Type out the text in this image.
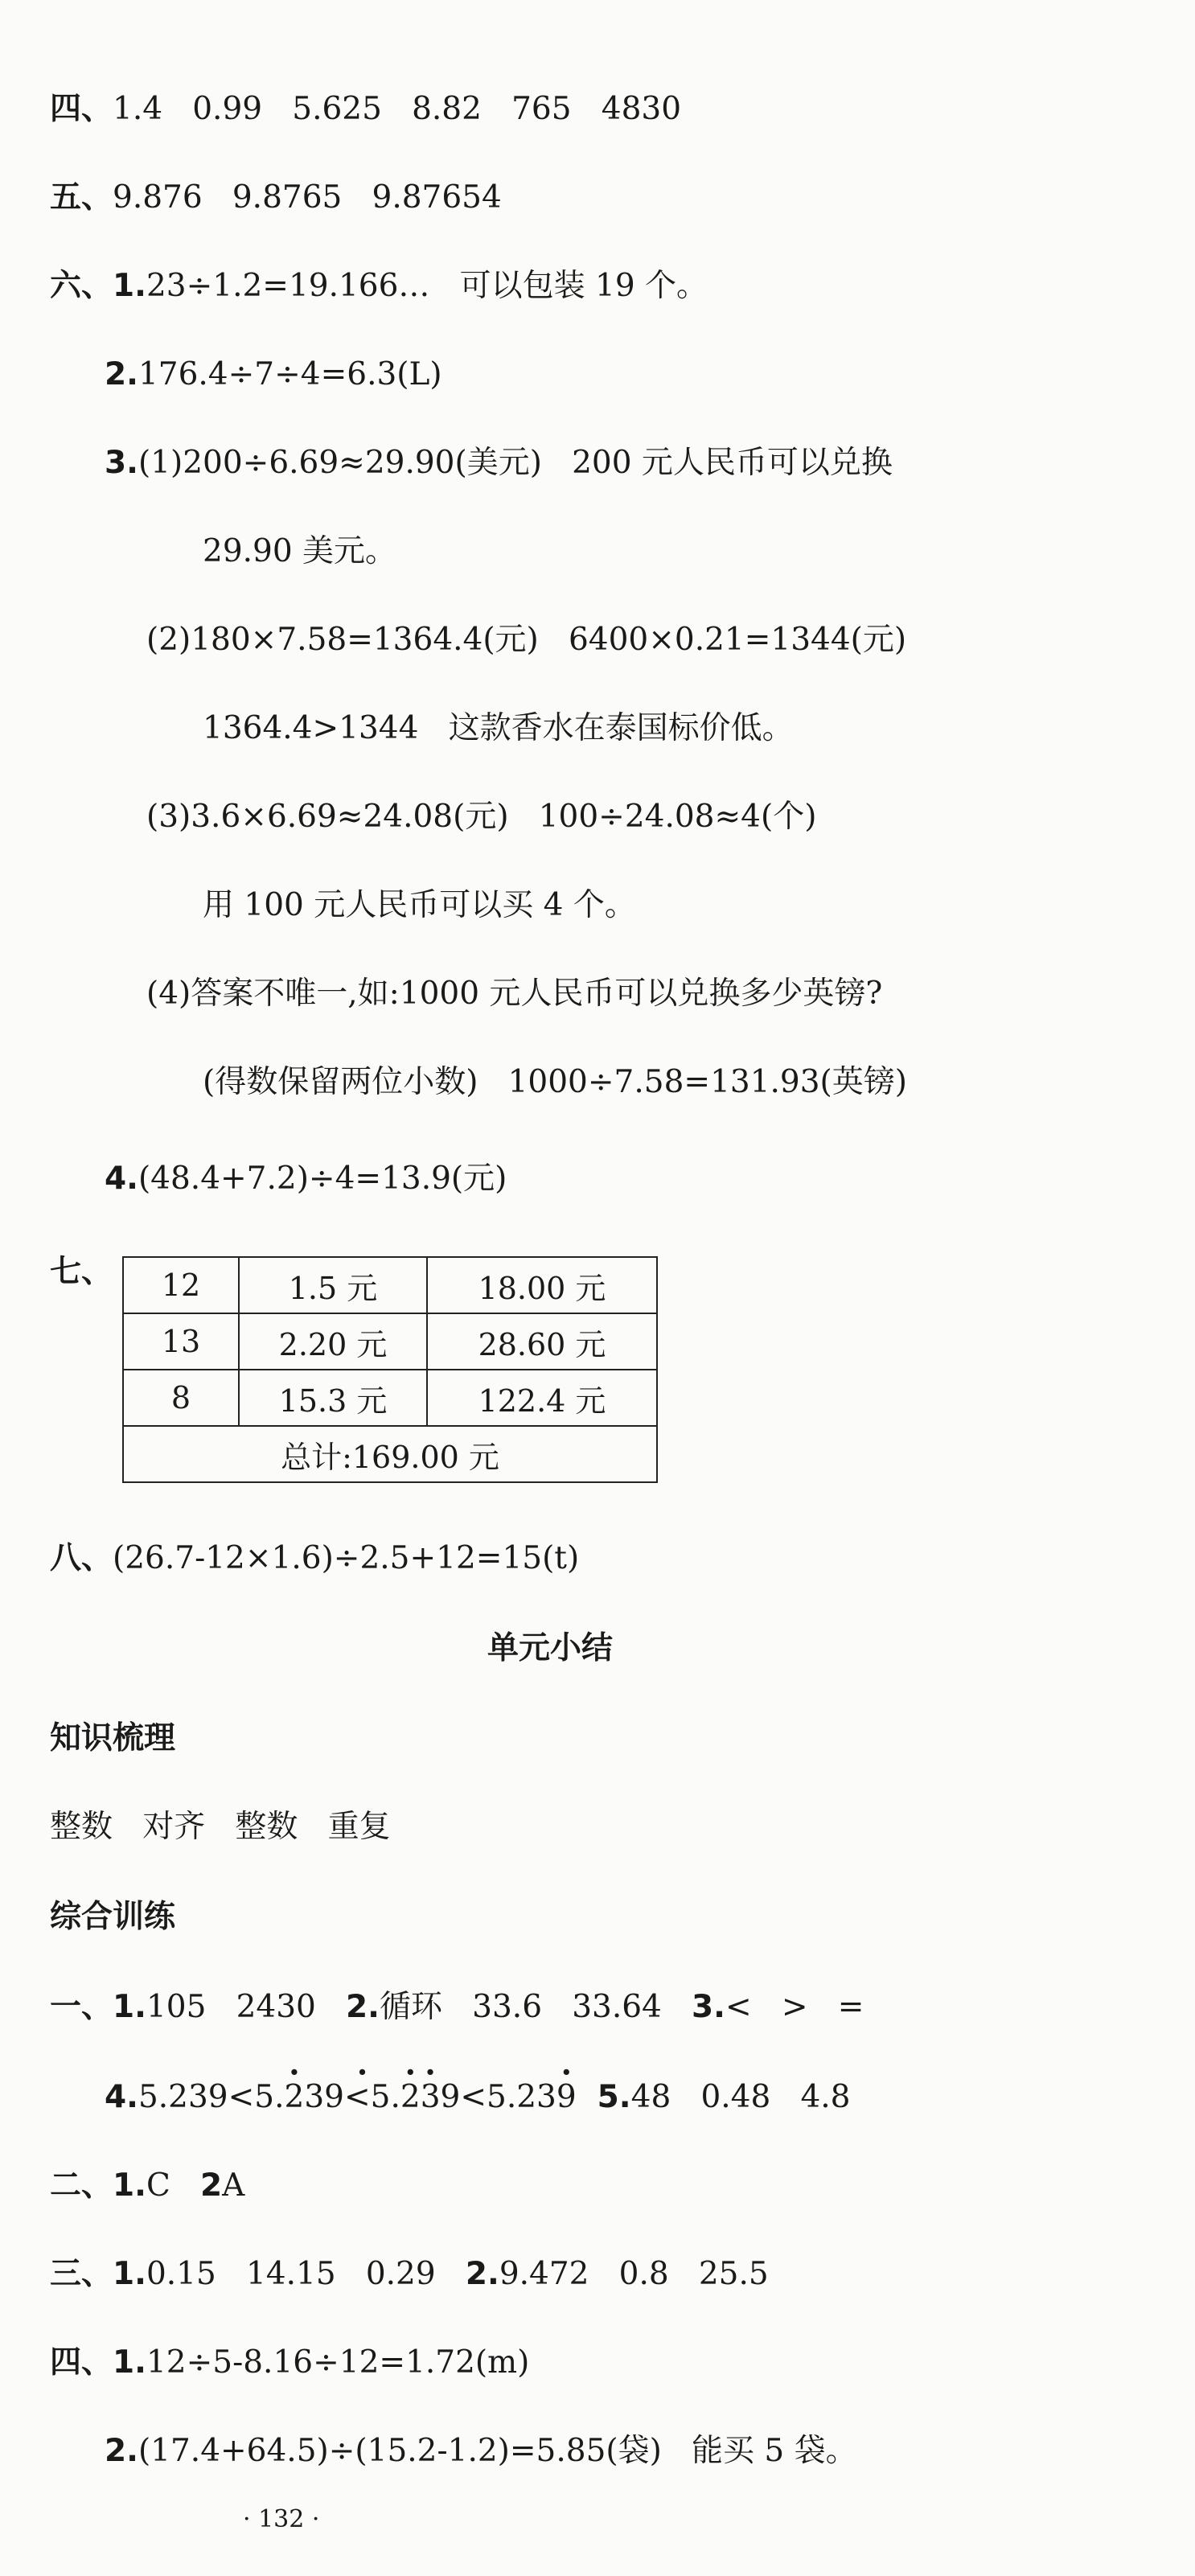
四、1.4   0.99   5.625   8.82   765   4830
五、9.876   9.8765   9.87654
六、1.23÷1.2=19.166…   可以包装 19 个。
2.176.4÷7÷4=6.3(L)
3.(1)200÷6.69≈29.90(美元)   200 元人民币可以兑换
29.90 美元。
(2)180×7.58=1364.4(元)   6400×0.21=1344(元)
1364.4>1344   这款香水在泰国标价低。
(3)3.6×6.69≈24.08(元)   100÷24.08≈4(个)
用 100 元人民币可以买 4 个。
(4)答案不唯一,如:1000 元人民币可以兑换多少英镑?
(得数保留两位小数)   1000÷7.58=131.93(英镑)
4.(48.4+7.2)÷4=13.9(元)
七、 12	1.5 元	18.00 元
13	2.20 元	28.60 元
8	15.3 元	122.4 元
总计:169.00 元		
八、(26.7-12×1.6)÷2.5+12=15(t)
单元小结
知识梳理
整数   对齐   整数   重复
综合训练
一、1.105   2430   2.循环   33.6   33.64   3.<   >   =
4.5.239<5.· 23· 9<5.· 2· 39<5.23· 9 5.48   0.48   4.8
二、1.C   2A
三、1.0.15   14.15   0.29   2.9.472   0.8   25.5
四、1.12÷5-8.16÷12=1.72(m)
2.(17.4+64.5)÷(15.2-1.2)=5.85(袋)   能买 5 袋。
· 132 ·
